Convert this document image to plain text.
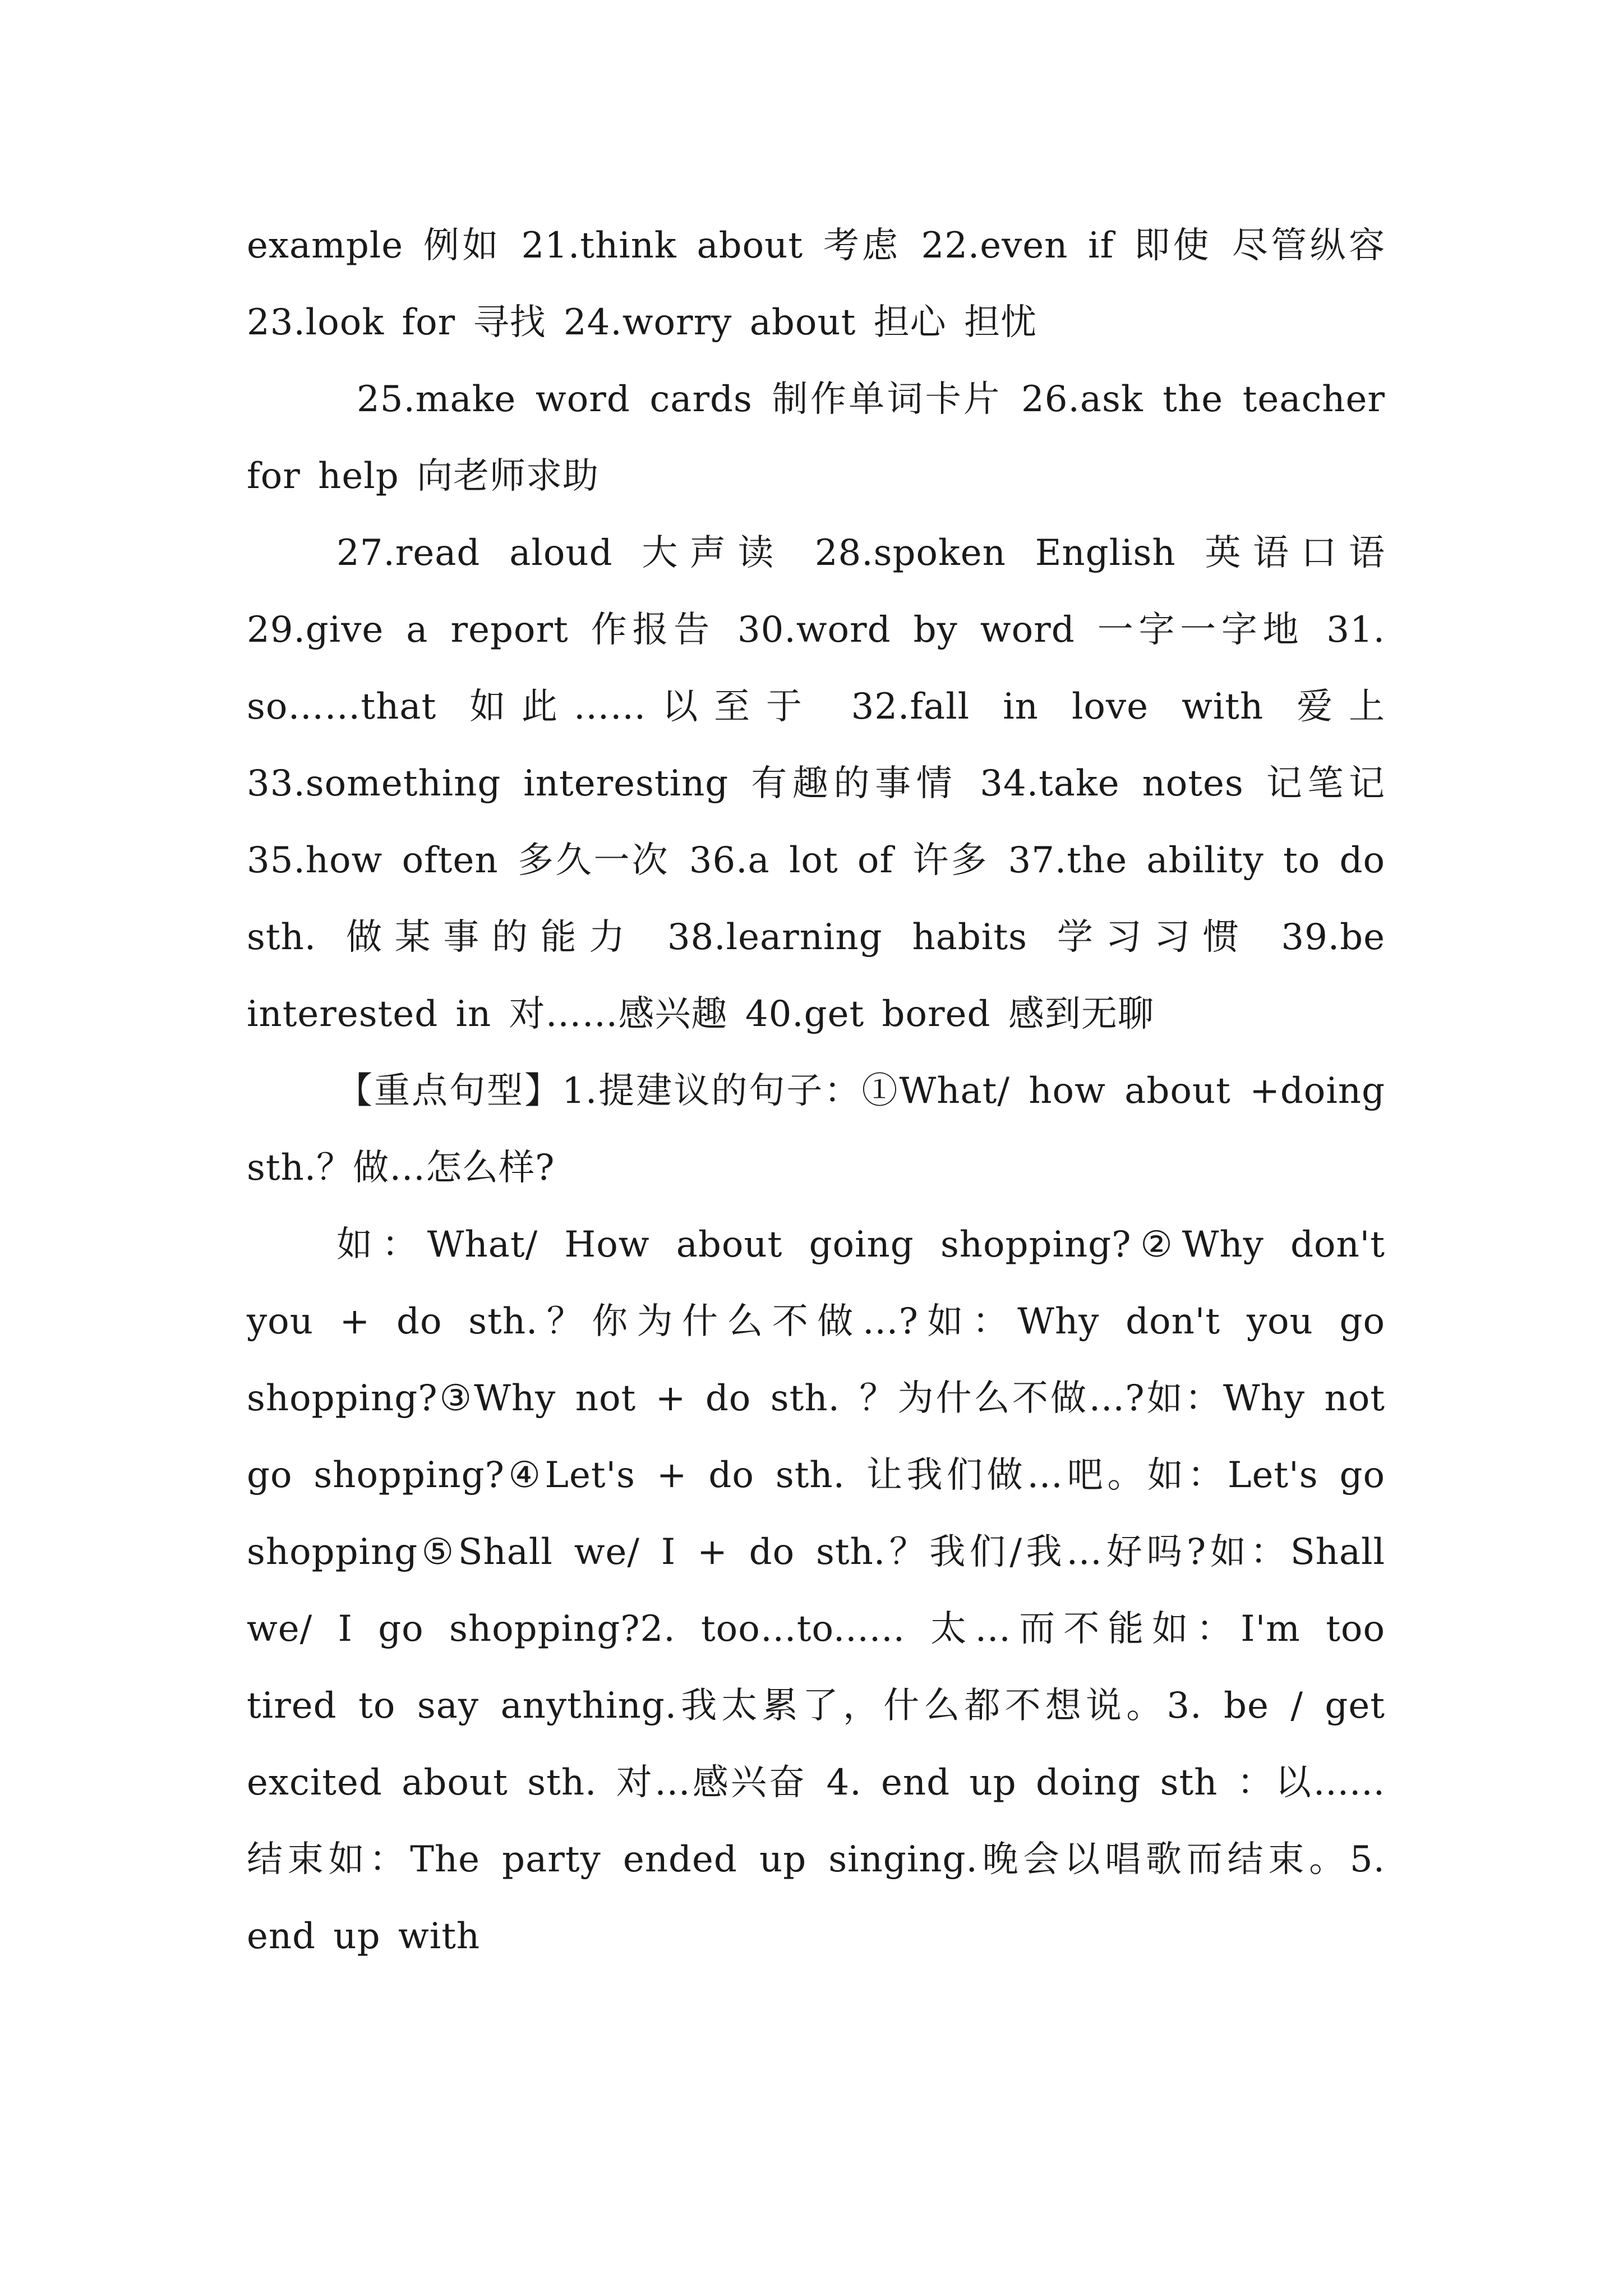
example 例如 21.think about 考虑 22.even if 即使 尽管纵容 23.look for 寻找 24.worry about 担心 担忧

25.make word cards 制作单词卡片 26.ask the teacher for help 向老师求助

27.read aloud 大声读 28.spoken English 英语口语 29.give a report 作报告 30.word by word 一字一字地 31. so……that 如此……以至于 32.fall in love with 爱上 33.something interesting 有趣的事情 34.take notes 记笔记 35.how often 多久一次 36.a lot of 许多 37.the ability to do sth. 做某事的能力 38.learning habits 学习习惯 39.be interested in 对……感兴趣 40.get bored 感到无聊

【重点句型】1.提建议的句子：①What/ how about +doing sth.？做…怎么样?

如：What/ How about going shopping?②Why don't you + do sth.？你为什么不做…?如：Why don't you go shopping?③Why not + do sth. ？为什么不做…?如：Why not go shopping?④Let's + do sth. 让我们做…吧。如：Let's go shopping⑤Shall we/ I + do sth.？我们/我…好吗?如：Shall we/ I go shopping?2. too…to...... 太…而不能如：I'm too tired to say anything.我太累了，什么都不想说。3. be / get excited about sth. 对…感兴奋 4. end up doing sth ：以......结束如：The party ended up singing.晚会以唱歌而结束。5. end up with
